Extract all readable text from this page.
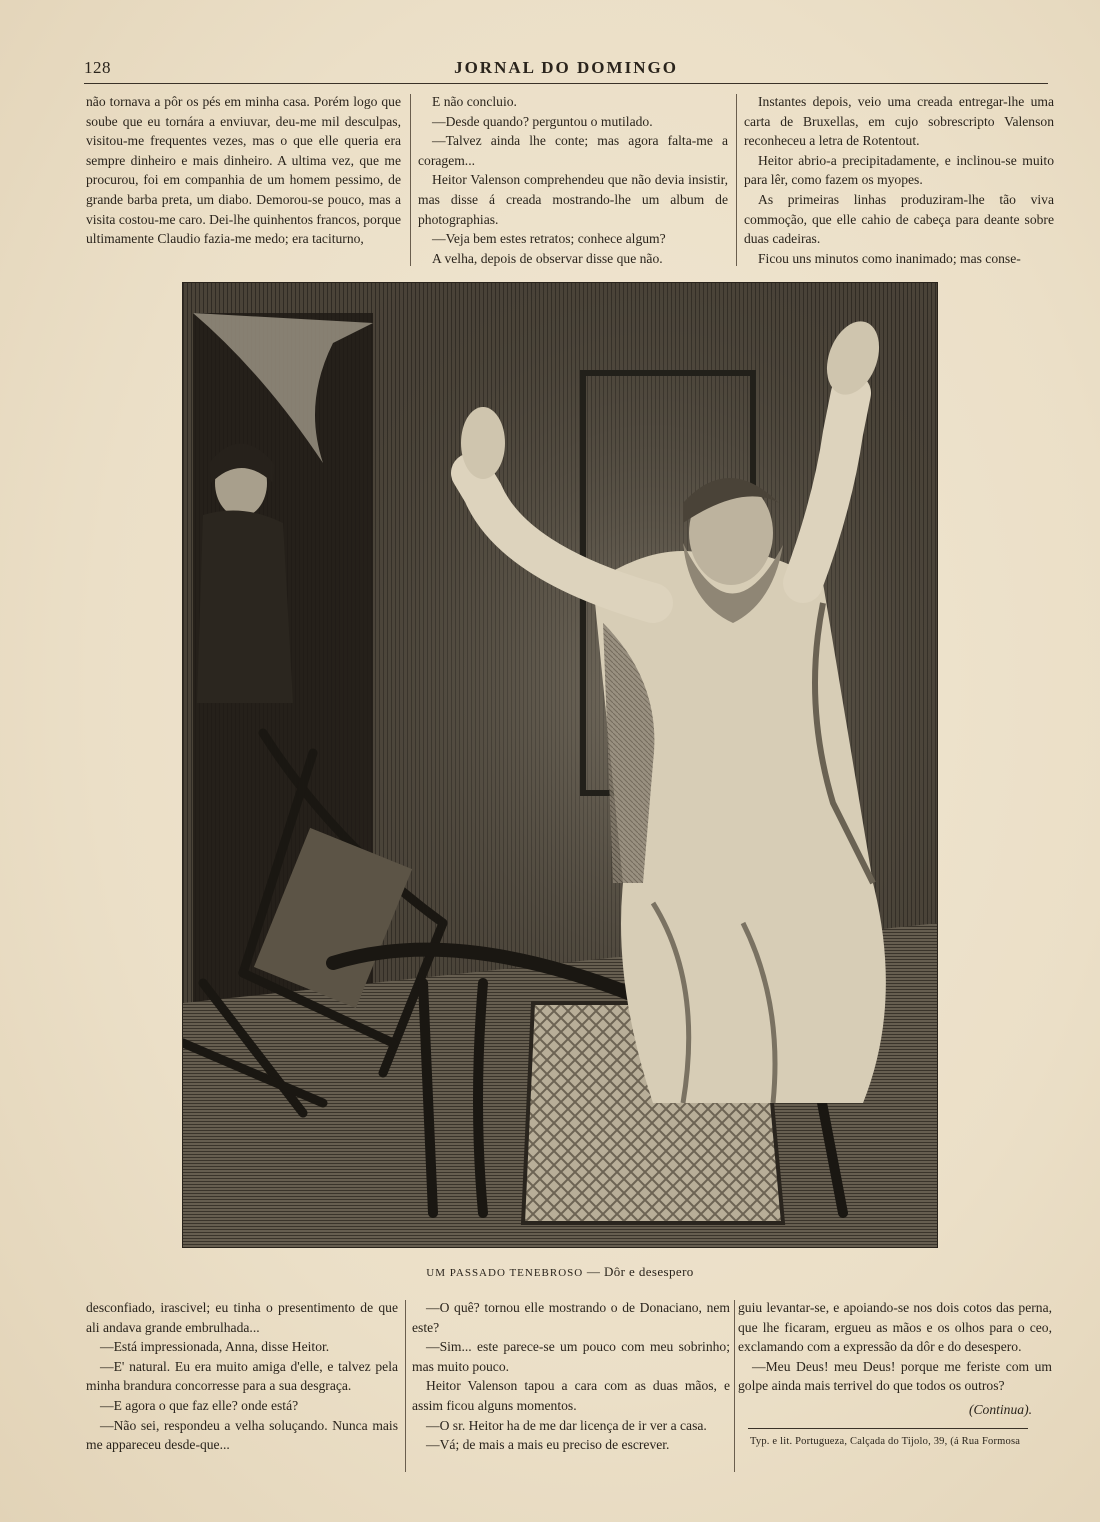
128	JORNAL DO DOMINGO

não tornava a pôr os pés em minha casa. Porém logo que soube que eu tornára a enviuvar, deu-me mil desculpas, visitou-me frequentes vezes, mas o que elle queria era sempre dinheiro e mais dinheiro. A ultima vez, que me procurou, foi em companhia de um homem pessimo, de grande barba preta, um diabo. Demorou-se pouco, mas a visita costou-me caro. Dei-lhe quinhentos francos, porque ultimamente Claudio fazia-me medo; era taciturno,

E não concluio.

—Desde quando? perguntou o mutilado.

—Talvez ainda lhe conte; mas agora falta-me a coragem...

Heitor Valenson comprehendeu que não devia insistir, mas disse á creada mostrando-lhe um album de photographias.

—Veja bem estes retratos; conhece algum?

A velha, depois de observar disse que não.

Instantes depois, veio uma creada entregar-lhe uma carta de Bruxellas, em cujo sobrescripto Valenson reconheceu a letra de Rotentout.

Heitor abrio-a precipitadamente, e inclinou-se muito para lêr, como fazem os myopes.

As primeiras linhas produziram-lhe tão viva commoção, que elle cahio de cabeça para deante sobre duas cadeiras.

Ficou uns minutos como inanimado; mas conse-

UM PASSADO TENEBROSO — Dôr e desespero

desconfiado, irascivel; eu tinha o presentimento de que ali andava grande embrulhada...

—Está impressionada, Anna, disse Heitor.

—E' natural. Eu era muito amiga d'elle, e talvez pela minha brandura concorresse para a sua desgraça.

—E agora o que faz elle? onde está?

—Não sei, respondeu a velha soluçando. Nunca mais me appareceu desde-que...

—O quê? tornou elle mostrando o de Donaciano, nem este?

—Sim... este parece-se um pouco com meu sobrinho; mas muito pouco.

Heitor Valenson tapou a cara com as duas mãos, e assim ficou alguns momentos.

—O sr. Heitor ha de me dar licença de ir ver a casa.

—Vá; de mais a mais eu preciso de escrever.

guiu levantar-se, e apoiando-se nos dois cotos das perna, que lhe ficaram, ergueu as mãos e os olhos para o ceo, exclamando com a expressão da dôr e do desespero.

—Meu Deus! meu Deus! porque me feriste com um golpe ainda mais terrivel do que todos os outros?

(Continua).

Typ. e lit. Portugueza, Calçada do Tijolo, 39, (á Rua Formosa
